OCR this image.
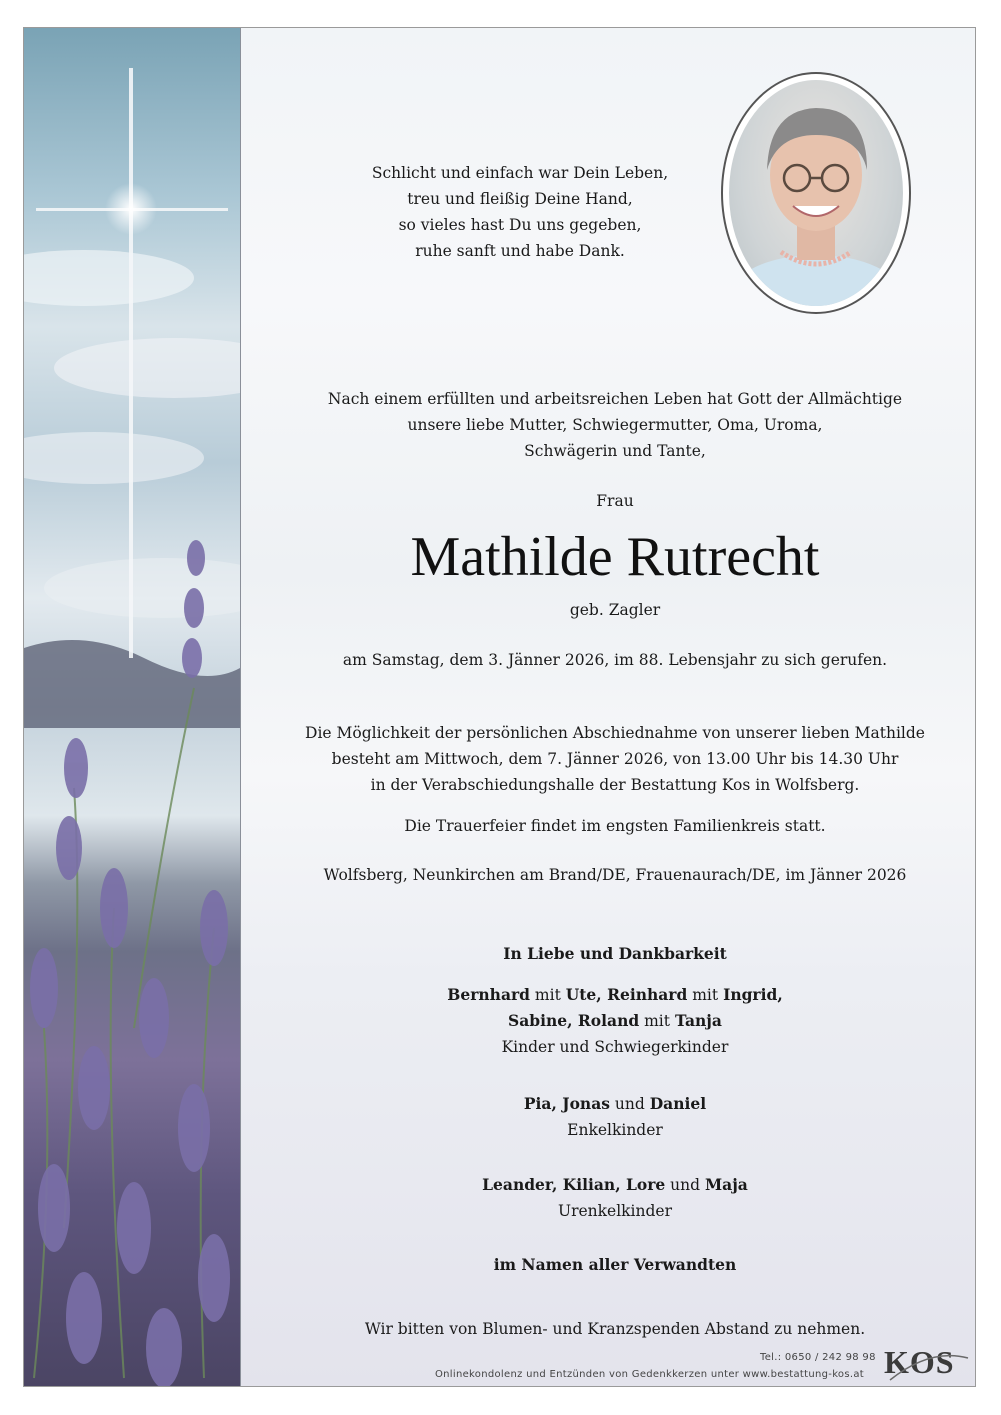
Schlicht und einfach war Dein Leben,

treu und fleißig Deine Hand,

so vieles hast Du uns gegeben,

ruhe sanft und habe Dank.

Nach einem erfüllten und arbeitsreichen Leben hat Gott der Allmächtige

unsere liebe Mutter, Schwiegermutter, Oma, Uroma,

Schwägerin und Tante,

Frau

Mathilde Rutrecht

geb. Zagler

am Samstag, dem 3. Jänner 2026, im 88. Lebensjahr zu sich gerufen.

Die Möglichkeit der persönlichen Abschiednahme von unserer lieben Mathilde

besteht am Mittwoch, dem 7. Jänner 2026, von 13.00 Uhr bis 14.30 Uhr

in der Verabschiedungshalle der Bestattung Kos in Wolfsberg.

Die Trauerfeier findet im engsten Familienkreis statt.

Wolfsberg, Neunkirchen am Brand/DE, Frauenaurach/DE, im Jänner 2026

In Liebe und Dankbarkeit

Bernhard mit Ute, Reinhard mit Ingrid,

Sabine, Roland mit Tanja

Kinder und Schwiegerkinder

Pia, Jonas und Daniel

Enkelkinder

Leander, Kilian, Lore und Maja

Urenkelkinder

im Namen aller Verwandten

Wir bitten von Blumen- und Kranzspenden Abstand zu nehmen.

Tel.: 0650 / 242 98 98
Onlinekondolenz und Entzünden von Gedenkkerzen unter www.bestattung-kos.at KOS
